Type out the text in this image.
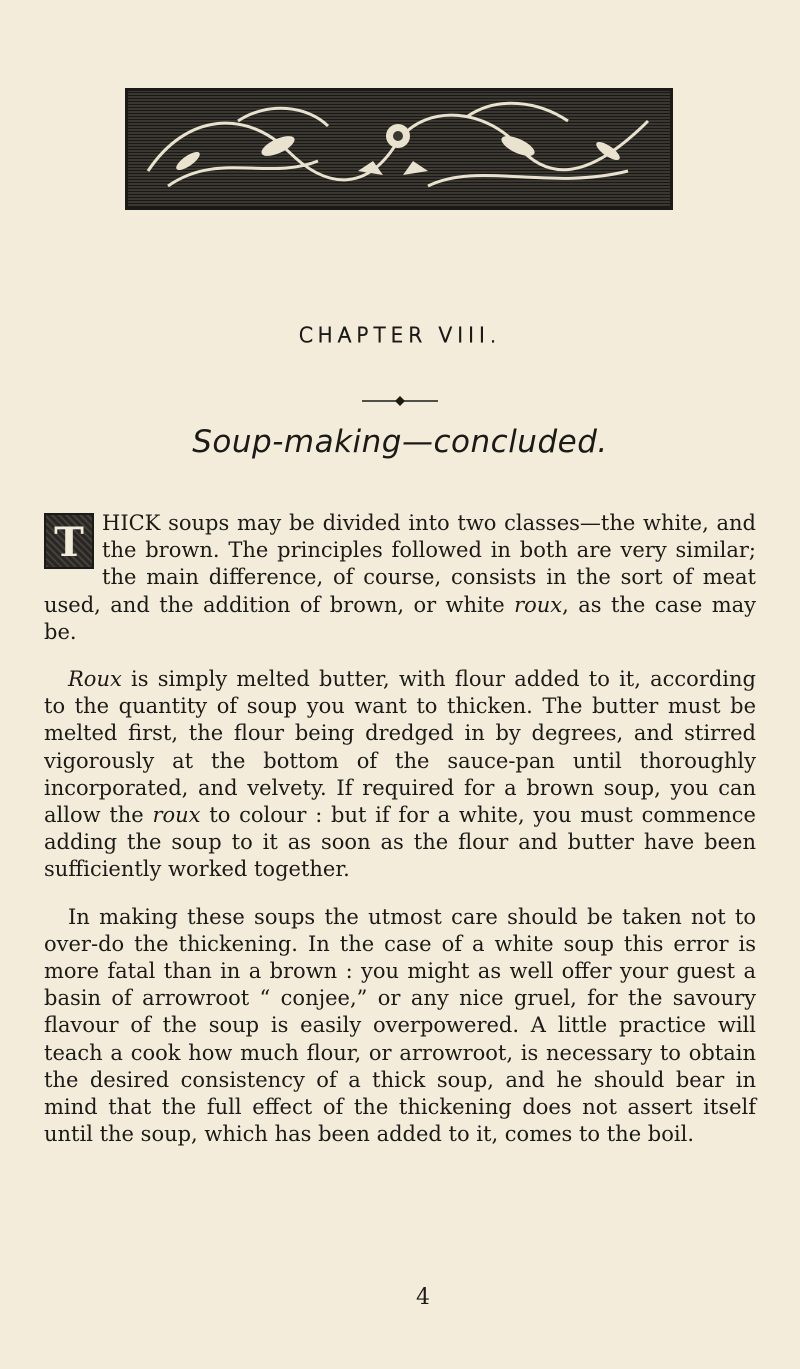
CHAPTER VIII.
Soup-making—concluded.

T HICK soups may be divided into two classes—the white, and the brown. The principles followed in both are very similar; the main difference, of course, consists in the sort of meat used, and the addition of brown, or white roux, as the case may be.

Roux is simply melted butter, with flour added to it, according to the quantity of soup you want to thicken. The butter must be melted first, the flour being dredged in by degrees, and stirred vigorously at the bottom of the sauce-pan until thoroughly incorporated, and velvety. If required for a brown soup, you can allow the roux to colour : but if for a white, you must commence adding the soup to it as soon as the flour and butter have been sufficiently worked together.

In making these soups the utmost care should be taken not to over-do the thickening. In the case of a white soup this error is more fatal than in a brown : you might as well offer your guest a basin of arrowroot “ conjee,” or any nice gruel, for the savoury flavour of the soup is easily overpowered. A little practice will teach a cook how much flour, or arrowroot, is necessary to obtain the desired consistency of a thick soup, and he should bear in mind that the full effect of the thickening does not assert itself until the soup, which has been added to it, comes to the boil.

4
